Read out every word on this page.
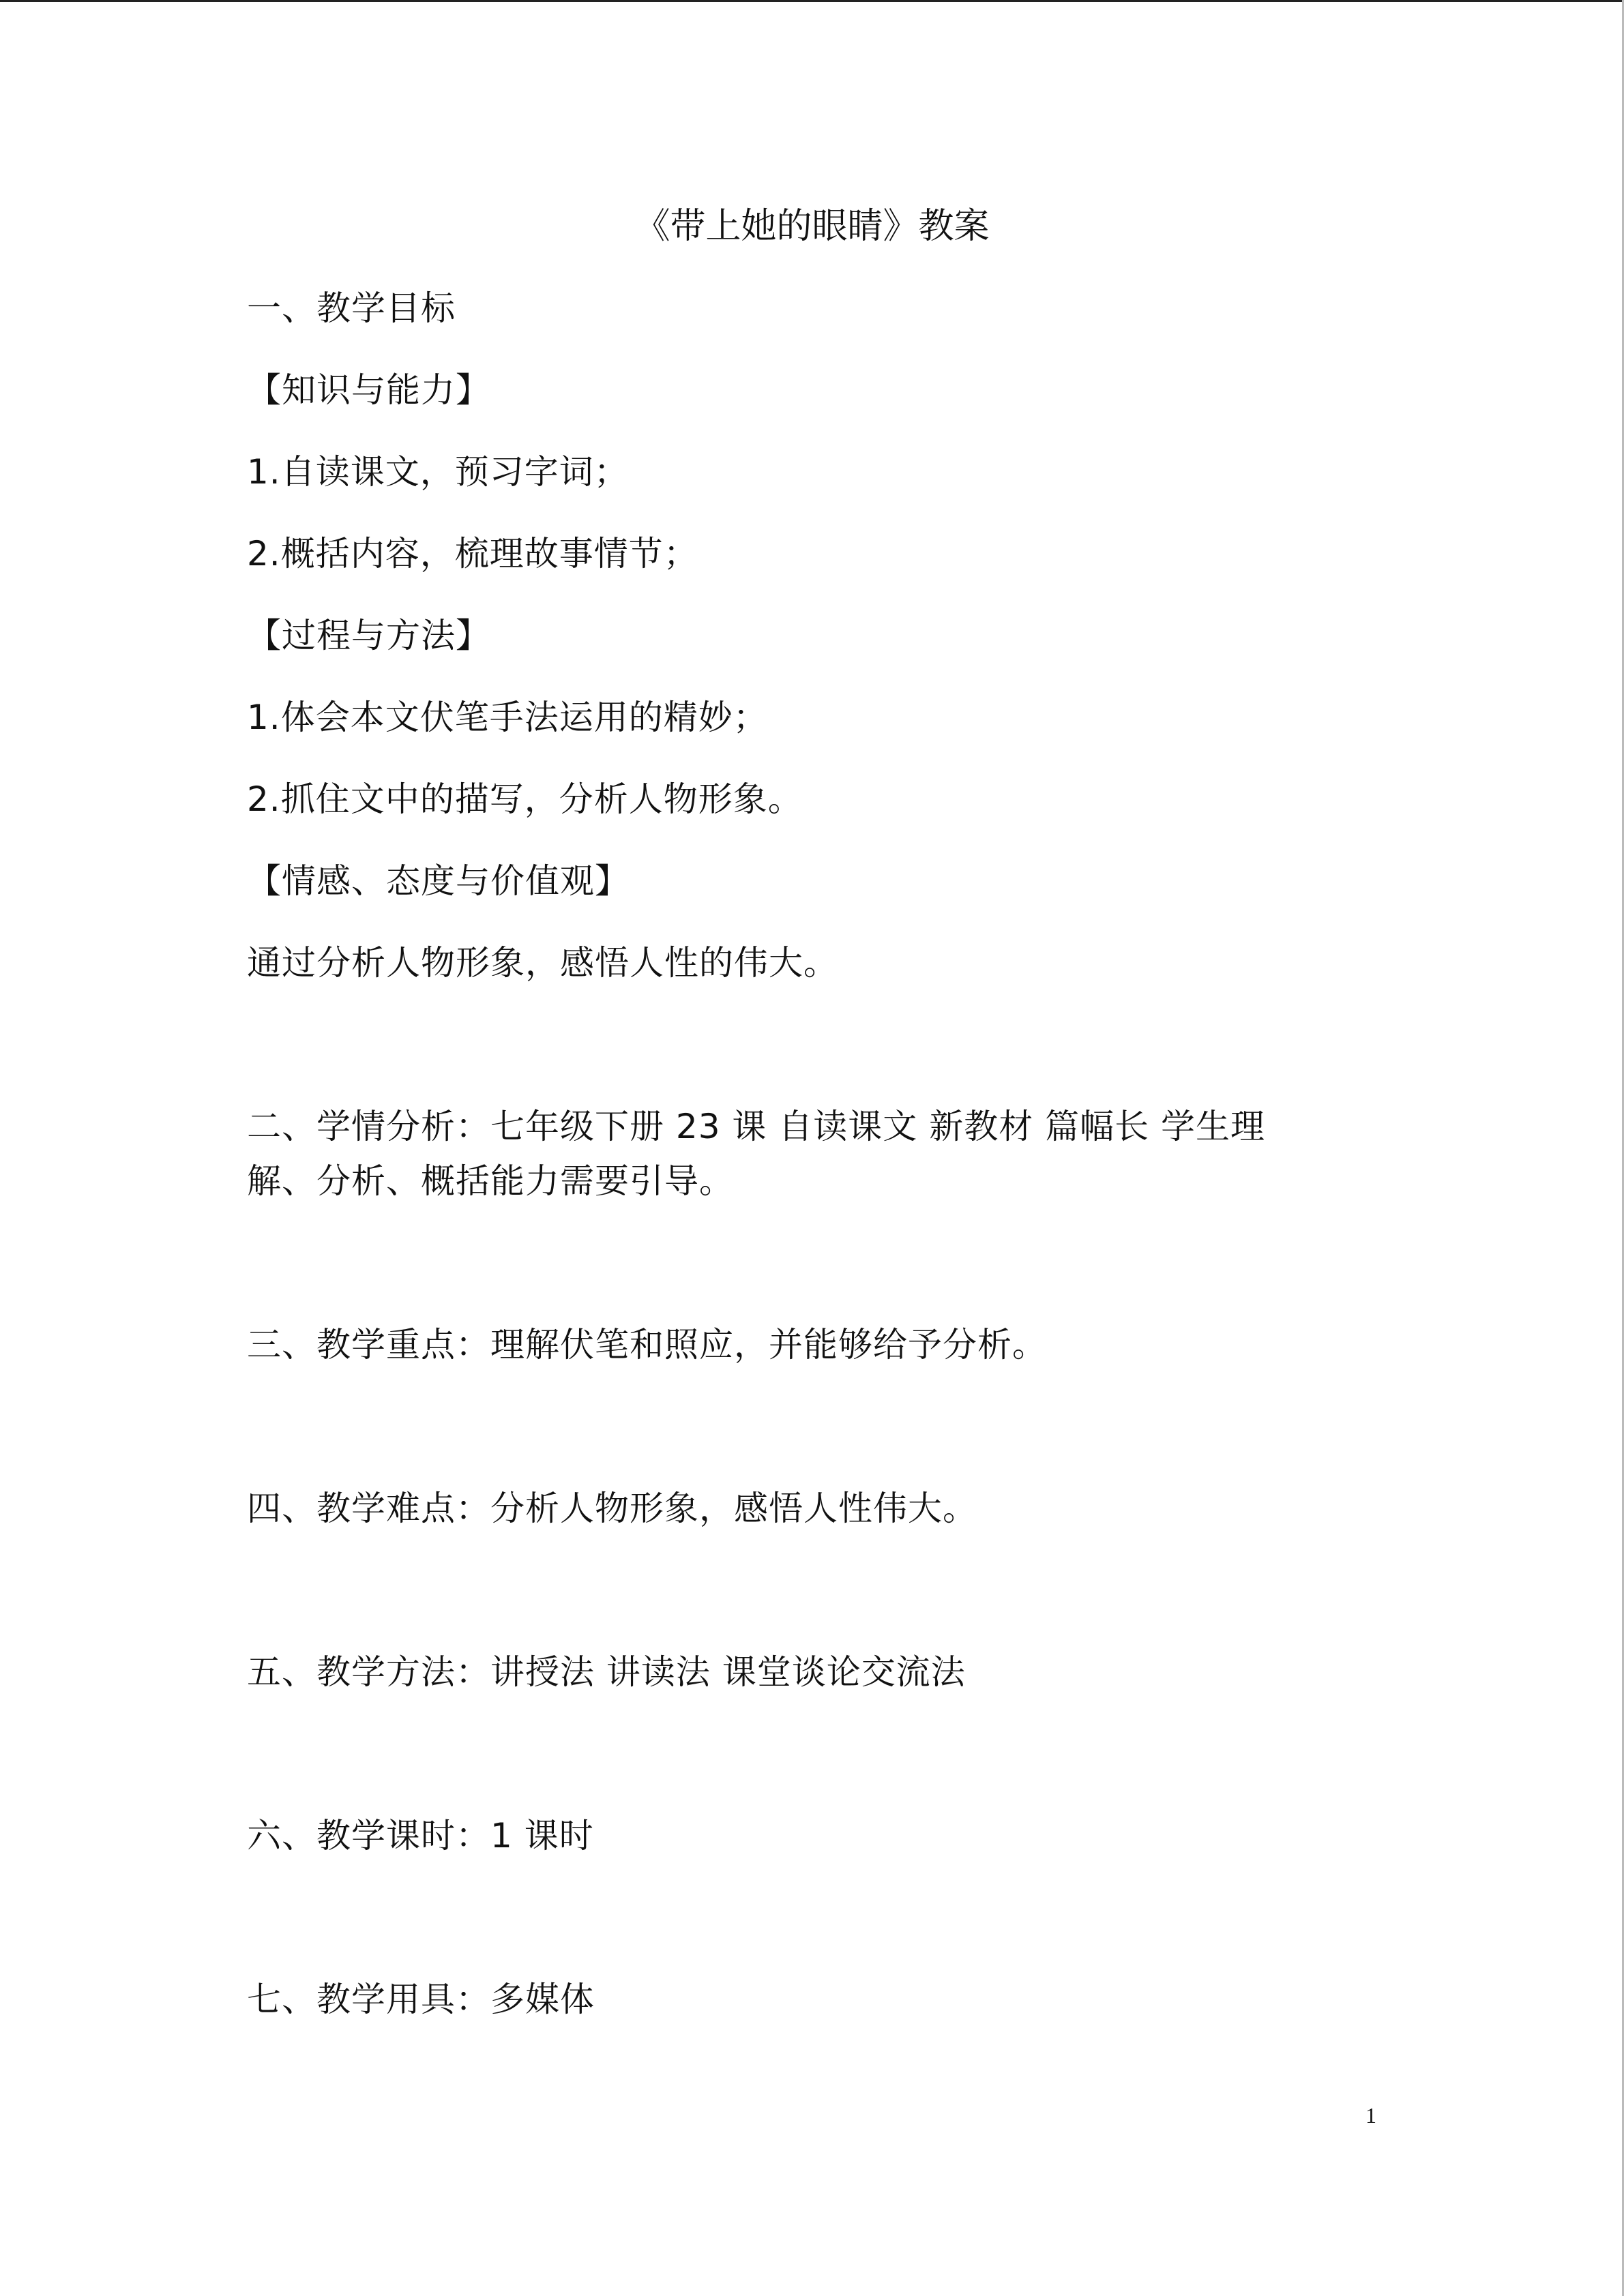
《带上她的眼睛》教案
一、教学目标
【知识与能力】
1.自读课文，预习字词；
2.概括内容，梳理故事情节；
【过程与方法】
1.体会本文伏笔手法运用的精妙；
2.抓住文中的描写，分析人物形象。
【情感、态度与价值观】
通过分析人物形象，感悟人性的伟大。
二、学情分析：七年级下册 23 课 自读课文 新教材 篇幅长 学生理
解、分析、概括能力需要引导。
三、教学重点：理解伏笔和照应，并能够给予分析。
四、教学难点：分析人物形象，感悟人性伟大。
五、教学方法：讲授法 讲读法 课堂谈论交流法
六、教学课时：1 课时
七、教学用具：多媒体
1
